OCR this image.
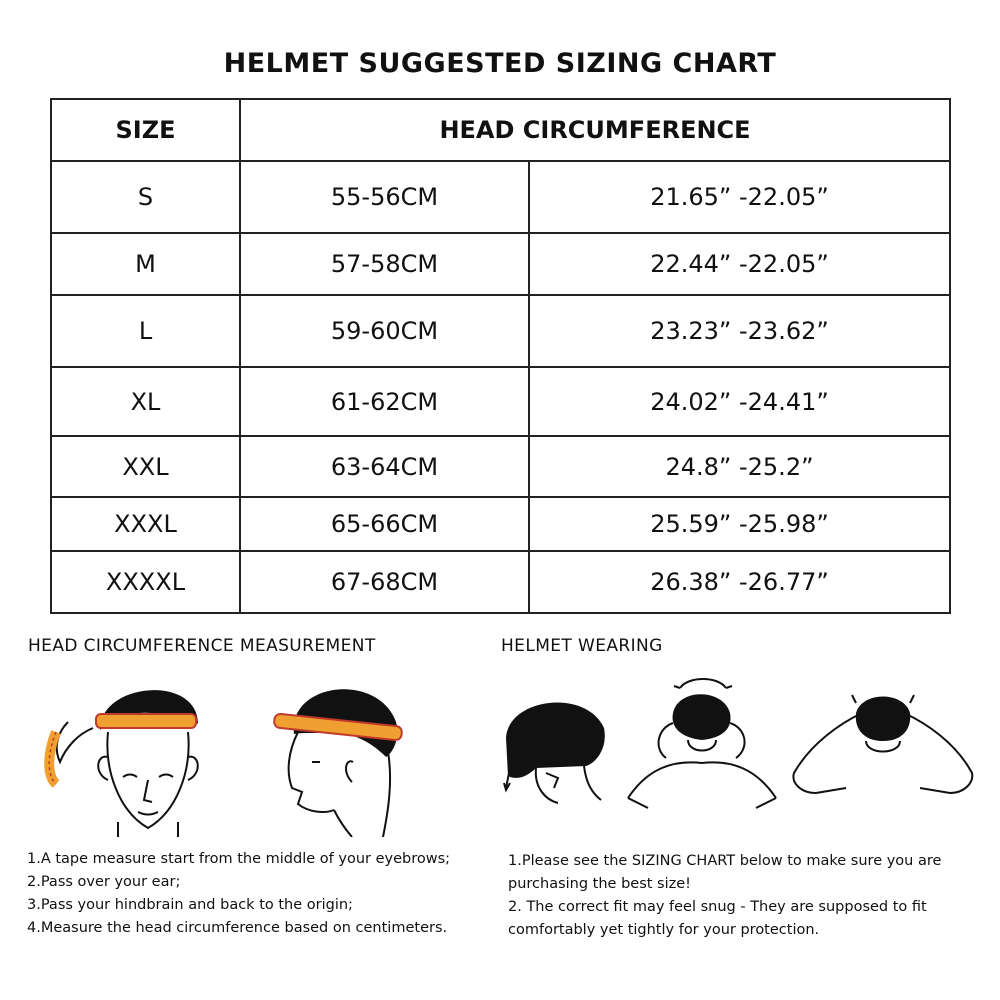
HELMET SUGGESTED SIZING CHART
SIZE	HEAD CIRCUMFERENCE	
S	55-56CM	21.65” -22.05”
M	57-58CM	22.44” -22.05”
L	59-60CM	23.23” -23.62”
XL	61-62CM	24.02” -24.41”
XXL	63-64CM	24.8” -25.2”
XXXL	65-66CM	25.59” -25.98”
XXXXL	67-68CM	26.38” -26.77”
HEAD CIRCUMFERENCE MEASUREMENT	HELMET WEARING

1.A tape measure start from the middle of your eyebrows;

2.Pass over your ear;

3.Pass your hindbrain and back to the origin;

4.Measure the head circumference based on centimeters.

1.Please see the SIZING CHART below to make sure you are

purchasing the best size!

2. The correct fit may feel snug - They are supposed to fit

comfortably yet tightly for your protection.
